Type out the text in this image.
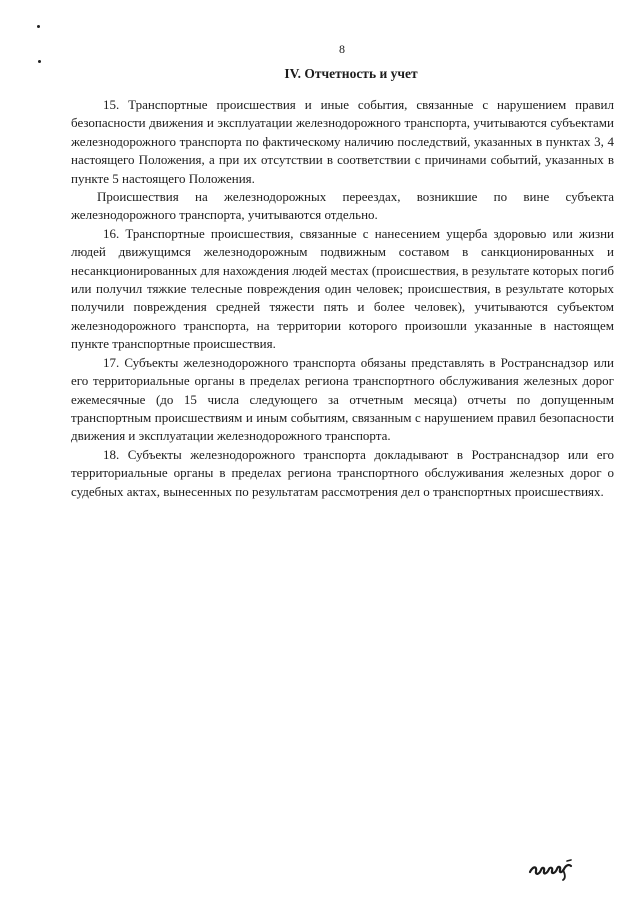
8
IV. Отчетность и учет

15. Транспортные происшествия и иные события, связанные с нарушением правил безопасности движения и эксплуатации железнодорожного транспорта, учитываются субъектами железнодорожного транспорта по фактическому наличию последствий, указанных в пунктах 3, 4 настоящего Положения, а при их отсутствии в соответствии с причинами событий, указанных в пункте 5 настоящего Положения.

Происшествия на железнодорожных переездах, возникшие по вине субъекта железнодорожного транспорта, учитываются отдельно.

16. Транспортные происшествия, связанные с нанесением ущерба здоровью или жизни людей движущимся железнодорожным подвижным составом в санкционированных и несанкционированных для нахождения людей местах (происшествия, в результате которых погиб или получил тяжкие телесные повреждения один человек; происшествия, в результате которых получили повреждения средней тяжести пять и более человек), учитываются субъектом железнодорожного транспорта, на территории которого произошли указанные в настоящем пункте транспортные происшествия.

17. Субъекты железнодорожного транспорта обязаны представлять в Ространснадзор или его территориальные органы в пределах региона транспортного обслуживания железных дорог ежемесячные (до 15 числа следующего за отчетным месяца) отчеты по допущенным транспортным происшествиям и иным событиям, связанным с нарушением правил безопасности движения и эксплуатации железнодорожного транспорта.

18. Субъекты железнодорожного транспорта докладывают в Ространснадзор или его территориальные органы в пределах региона транспортного обслуживания железных дорог о судебных актах, вынесенных по результатам рассмотрения дел о транспортных происшествиях.
